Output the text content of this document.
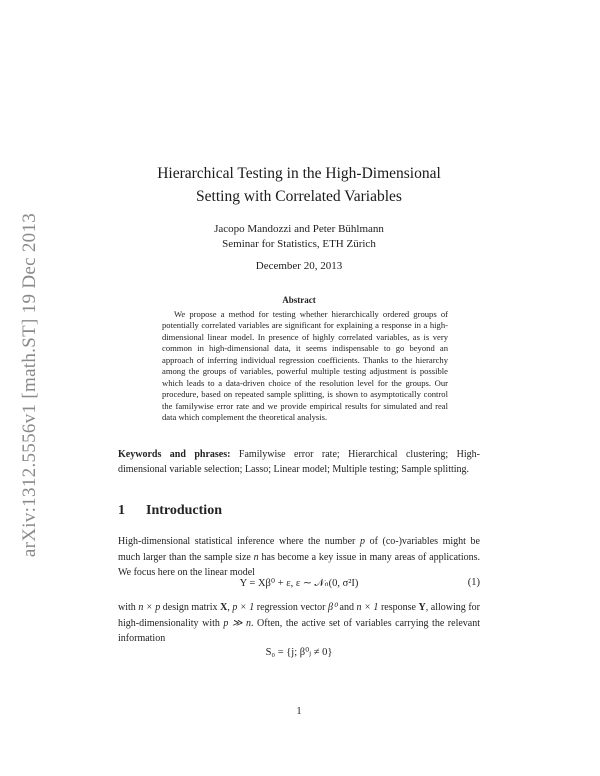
arXiv:1312.5556v1 [math.ST] 19 Dec 2013
Hierarchical Testing in the High-Dimensional
Setting with Correlated Variables
Jacopo Mandozzi and Peter Bühlmann
Seminar for Statistics, ETH Zürich
December 20, 2013
Abstract
We propose a method for testing whether hierarchically ordered groups of potentially correlated variables are significant for explaining a response in a high-dimensional linear model. In presence of highly correlated variables, as is very common in high-dimensional data, it seems indispensable to go beyond an approach of inferring individual regression coefficients. Thanks to the hierarchy among the groups of variables, powerful multiple testing adjustment is possible which leads to a data-driven choice of the resolution level for the groups. Our procedure, based on repeated sample splitting, is shown to asymptotically control the familywise error rate and we provide empirical results for simulated and real data which complement the theoretical analysis.
Keywords and phrases: Familywise error rate; Hierarchical clustering; High-dimensional variable selection; Lasso; Linear model; Multiple testing; Sample splitting.
1 Introduction
High-dimensional statistical inference where the number p of (co-)variables might be much larger than the sample size n has become a key issue in many areas of applications. We focus here on the linear model
Y = Xβ⁰ + ε, ε ∼ 𝒩ₙ(0, σ²I)	(1)
with n × p design matrix X, p × 1 regression vector β⁰ and n × 1 response Y, allowing for high-dimensionality with p ≫ n. Often, the active set of variables carrying the relevant information
S₀ = {j; β⁰ⱼ ≠ 0}
1
